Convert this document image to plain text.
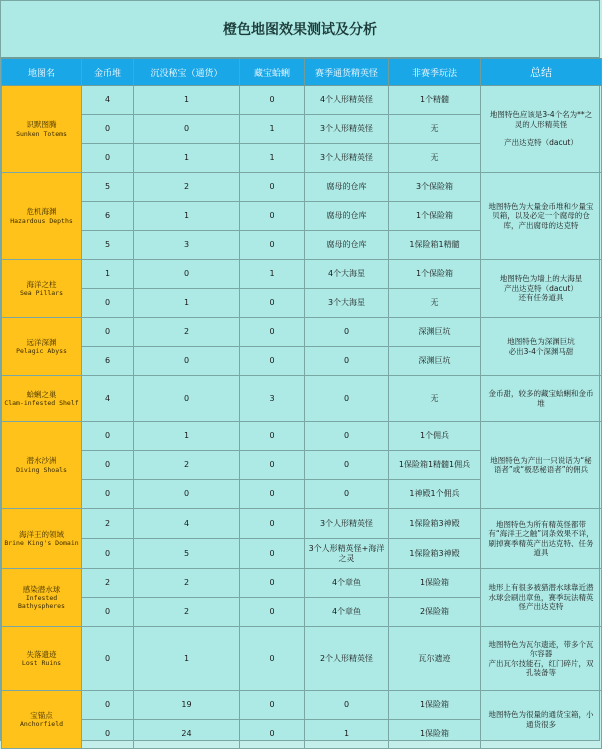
橙色地图效果测试及分析
地图名	金币堆	沉没秘宝（通货）	藏宝蛤蜊	赛季通货精英怪	非赛季玩法	总结

识默图腾
Sunken Totems	4	1	0	4个人形精英怪	1个精髓	地图特色应该是3-4个名为**之灵的人形精英怪

产出达克特（dacut）
	0	0	1	3个人形精英怪	无	
	0	1	1	3个人形精英怪	无	

危机海渊
Hazardous Depths	5	2	0	腐母的仓库	3个保险箱	地图特色为大量金币堆和少量宝贝箱，以及必定一个腐母的仓库，产出腐母的达克特
	6	1	0	腐母的仓库	1个保险箱	
	5	3	0	腐母的仓库	1保险箱1精髓	

海洋之柱
Sea Pillars	1	0	1	4个大海星	1个保险箱	地图特色为墙上的大海星
产出达克特（dacut）
还有任务道具
	0	1	0	3个大海星	无	

远洋深渊
Pelagic Abyss	0	2	0	0	深渊巨坑	地图特色为深渊巨坑
必出3-4个深渊马甜
	6	0	0	0	深渊巨坑	

蛤蜊之巢
Clam-infested Shelf	4	0	3	0	无	金币甜，较多的藏宝蛤蜊和金币堆

潜水沙洲
Diving Shoals	0	1	0	0	1个佣兵	地图特色为产出一只说话为“秘语者”或“极恶秘语者”的佣兵
	0	2	0	0	1保险箱1精髓1佣兵	
	0	0	0	0	1神殿1个佣兵	

海洋王的领域
Brine King's Domain	2	4	0	3个人形精英怪	1保险箱3神殿	地图特色为所有精英怪都带有“海洋王之触”词条效果不详，刷掉赛季精英产出达克特、任务道具
	0	5	0	3个人形精英怪+海洋之灵	1保险箱3神殿	

感染潜水球
Infested Bathyspheres	2	2	0	4个章鱼	1保险箱	地形上有很多被猎潜水球靠近潜水球会刷出章鱼，赛季玩法精英怪产出达克特
	0	2	0	4个章鱼	2保险箱	

失落遗迹
Lost Ruins	0	1	0	2个人形精英怪	瓦尔遗迹	地图特色为瓦尔遗迹，带多个瓦尔容器
产出瓦尔技能石，红门碎片，双孔装备等

宝锚点
Anchorfield	0	19	0	0	1保险箱	地图特色为很量的通货宝箱，小通货很多
	0	24	0	1	1保险箱	
